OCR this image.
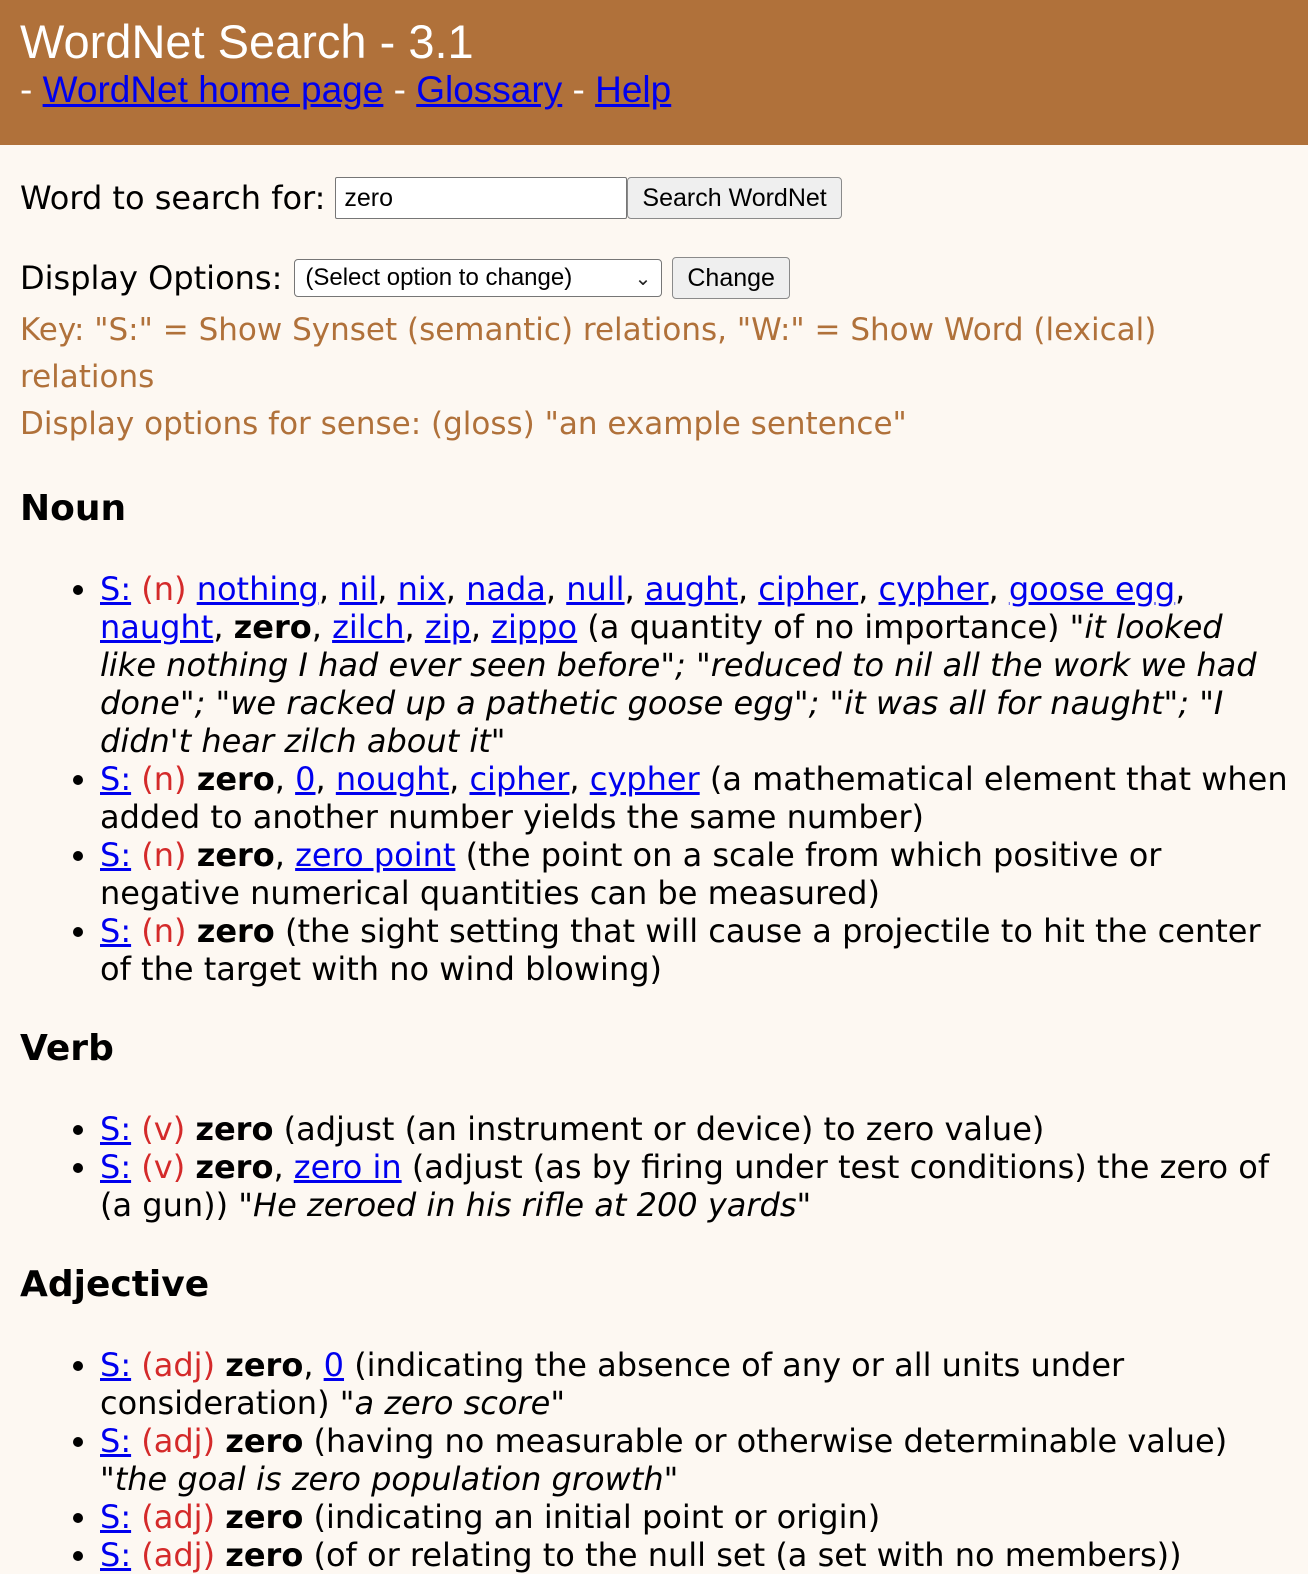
WordNet Search - 3.1
- WordNet home page - Glossary - Help
Word to search for:
zero	Search WordNet
Display Options: (Select option to change)	⌄	Change
Key: "S:" = Show Synset (semantic) relations, "W:" = Show Word (lexical) relations
Display options for sense: (gloss) "an example sentence"
Noun
• S: (n) nothing, nil, nix, nada, null, aught, cipher, cypher, goose egg, naught, zero, zilch, zip, zippo (a quantity of no importance) "it looked like nothing I had ever seen before"; "reduced to nil all the work we had done"; "we racked up a pathetic goose egg"; "it was all for naught"; "I didn't hear zilch about it"
• S: (n) zero, 0, nought, cipher, cypher (a mathematical element that when added to another number yields the same number)
• S: (n) zero, zero point (the point on a scale from which positive or negative numerical quantities can be measured)
• S: (n) zero (the sight setting that will cause a projectile to hit the center of the target with no wind blowing)
Verb
• S: (v) zero (adjust (an instrument or device) to zero value)
• S: (v) zero, zero in (adjust (as by firing under test conditions) the zero of (a gun)) "He zeroed in his rifle at 200 yards"
Adjective
• S: (adj) zero, 0 (indicating the absence of any or all units under consideration) "a zero score"
• S: (adj) zero (having no measurable or otherwise determinable value) "the goal is zero population growth"
• S: (adj) zero (indicating an initial point or origin)
• S: (adj) zero (of or relating to the null set (a set with no members))
